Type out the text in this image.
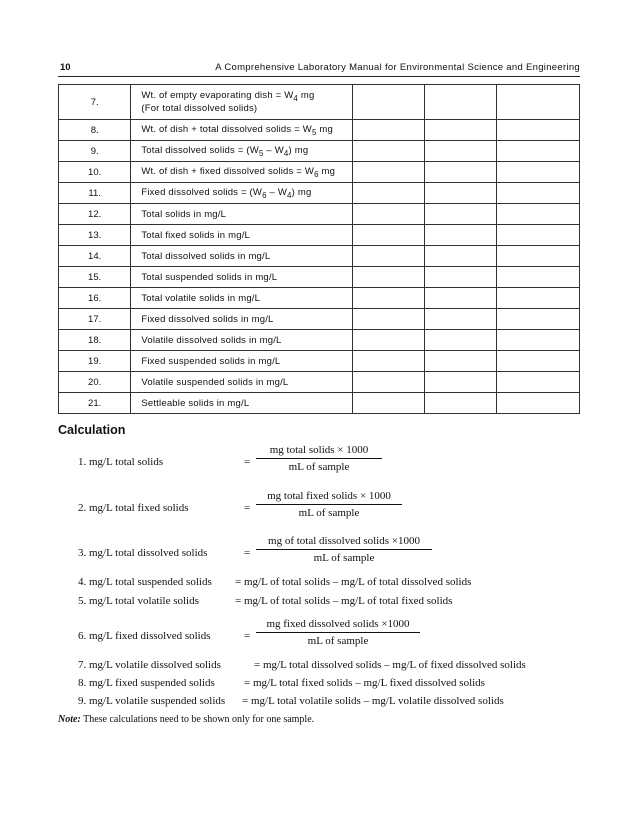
10	A Comprehensive Laboratory Manual for Environmental Science and Engineering
7.	Wt. of empty evaporating dish = $W_4$ mg
(For total dissolved solids)			

8.	Wt. of dish + total dissolved solids = $W_5$ mg			
9.	Total dissolved solids = $(W_5 - W_4)$ mg			
10.	Wt. of dish + fixed dissolved solids = $W_6$ mg			
11.	Fixed dissolved solids = $(W_6 - W_4)$ mg			
12.	Total solids in mg/L			
13.	Total fixed solids in mg/L			
14.	Total dissolved solids in mg/L			
15.	Total suspended solids in mg/L			
16.	Total volatile solids in mg/L			
17.	Fixed dissolved solids in mg/L			
18.	Volatile dissolved solids in mg/L			
19.	Fixed suspended solids in mg/L			
20.	Volatile suspended solids in mg/L			
21.	Settleable solids in mg/L			
Calculation
1. mg/L total solids	=
mg total solids × 1000
mL of sample
2. mg/L total fixed solids	=
mg total fixed solids × 1000
mL of sample
3. mg/L total dissolved solids	=
mg of total dissolved solids ×1000
mL of sample
4. mg/L total suspended solids = mg/L of total solids – mg/L of total dissolved solids
5. mg/L total volatile solids	= mg/L of total solids – mg/L of total fixed solids
6. mg/L fixed dissolved solids	=
mg fixed dissolved solids ×1000
mL of sample
7. mg/L volatile dissolved solids	= mg/L total dissolved solids – mg/L of fixed dissolved solids
8. mg/L fixed suspended solids	= mg/L total fixed solids – mg/L fixed dissolved solids
9. mg/L volatile suspended solids = mg/L total volatile solids – mg/L volatile dissolved solids
Note: These calculations need to be shown only for one sample.
